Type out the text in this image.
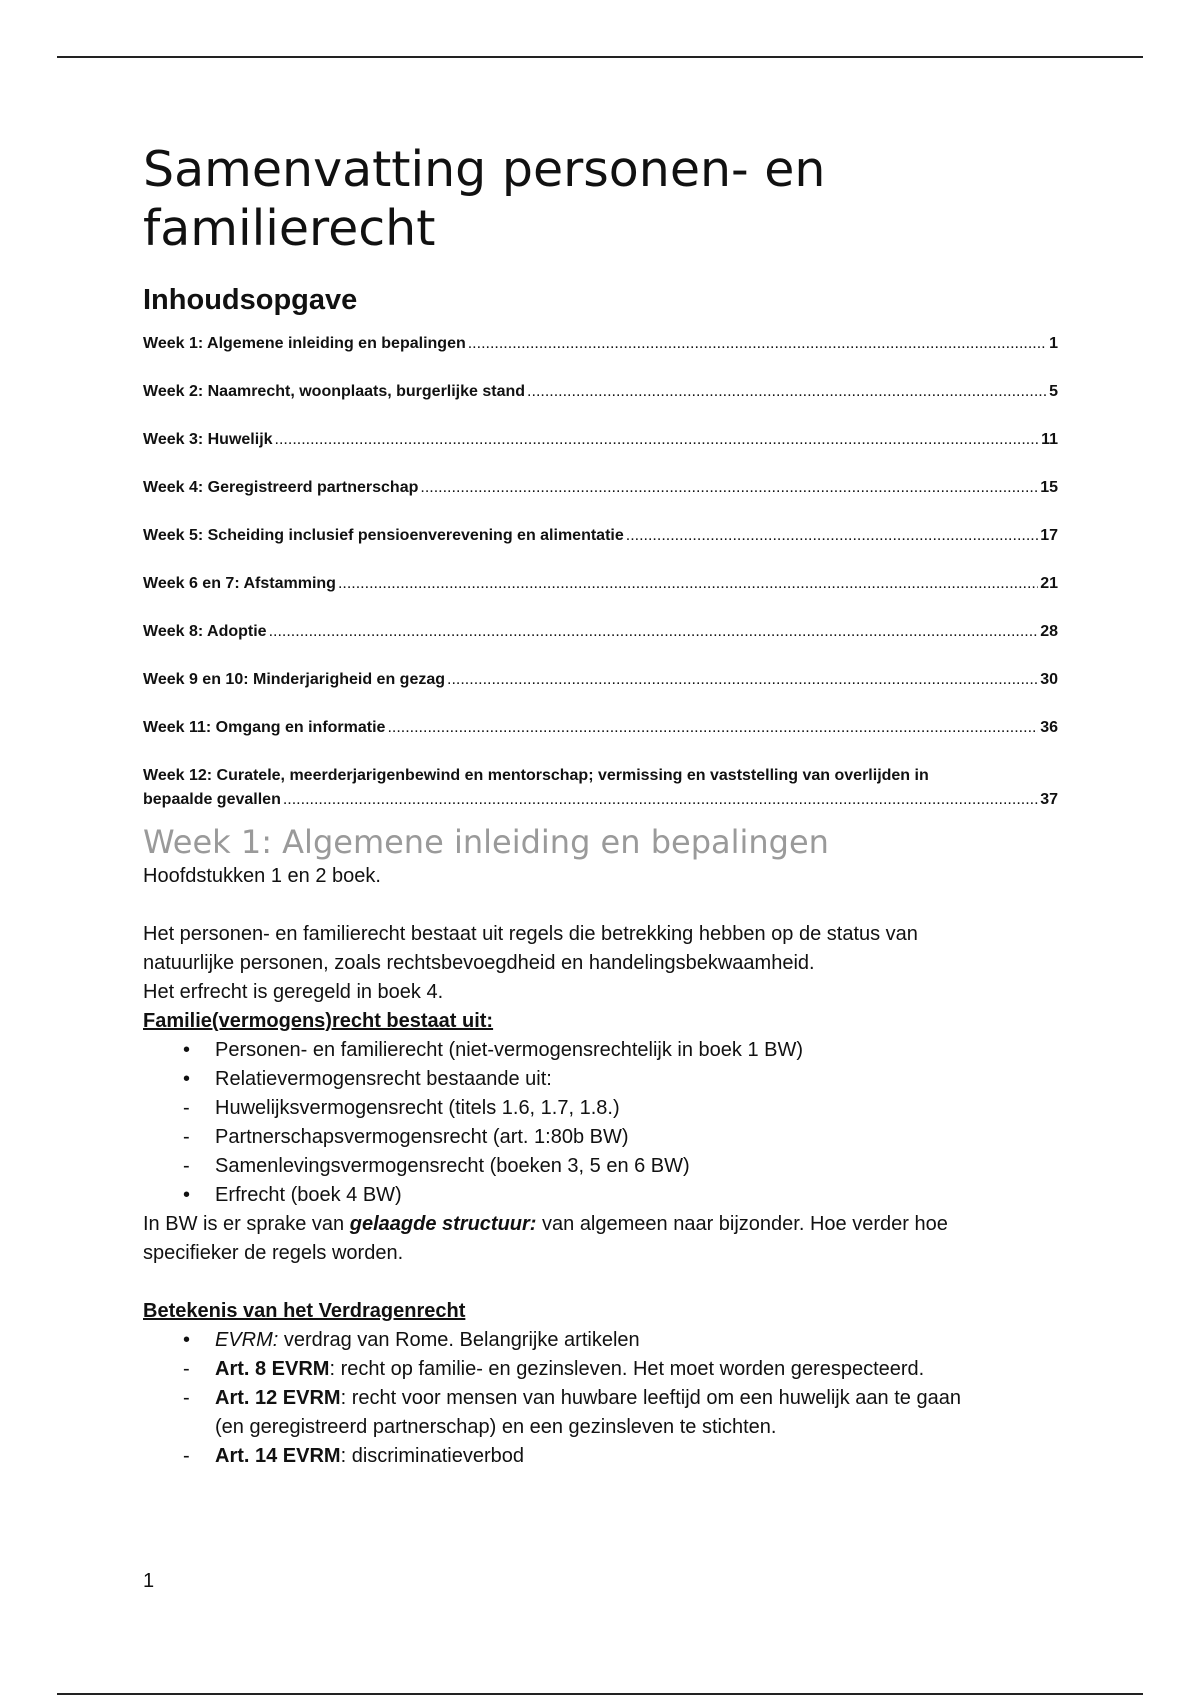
Samenvatting personen- en familierecht
Inhoudsopgave
Week 1: Algemene inleiding en bepalingen .....	1
Week 2: Naamrecht, woonplaats, burgerlijke stand .....	5
Week 3: Huwelijk .....	11
Week 4: Geregistreerd partnerschap .....	15
Week 5: Scheiding inclusief pensioenverevening en alimentatie .....	17
Week 6 en 7: Afstamming .....	21
Week 8: Adoptie .....	28
Week 9 en 10: Minderjarigheid en gezag .....	30
Week 11: Omgang en informatie .....	36
Week 12: Curatele, meerderjarigenbewind en mentorschap; vermissing en vaststelling van overlijden in
bepaalde gevallen .....	37
Week 1: Algemene inleiding en bepalingen

Hoofdstukken 1 en 2 boek.

Het personen- en familierecht bestaat uit regels die betrekking hebben op de status van

natuurlijke personen, zoals rechtsbevoegdheid en handelingsbekwaamheid.

Het erfrecht is geregeld in boek 4.

Familie(vermogens)recht bestaat uit:

•	Personen- en familierecht (niet-vermogensrechtelijk in boek 1 BW)
•	Relatievermogensrecht bestaande uit:
-	Huwelijksvermogensrecht (titels 1.6, 1.7, 1.8.)
-	Partnerschapsvermogensrecht (art. 1:80b BW)
-	Samenlevingsvermogensrecht (boeken 3, 5 en 6 BW)
•	Erfrecht (boek 4 BW)

In BW is er sprake van gelaagde structuur: van algemeen naar bijzonder. Hoe verder hoe

specifieker de regels worden.

Betekenis van het Verdragenrecht

•	EVRM: verdrag van Rome. Belangrijke artikelen
-	Art. 8 EVRM: recht op familie- en gezinsleven. Het moet worden gerespecteerd.
-	Art. 12 EVRM: recht voor mensen van huwbare leeftijd om een huwelijk aan te gaan
(en geregistreerd partnerschap) en een gezinsleven te stichten.
-	Art. 14 EVRM: discriminatieverbod
1
